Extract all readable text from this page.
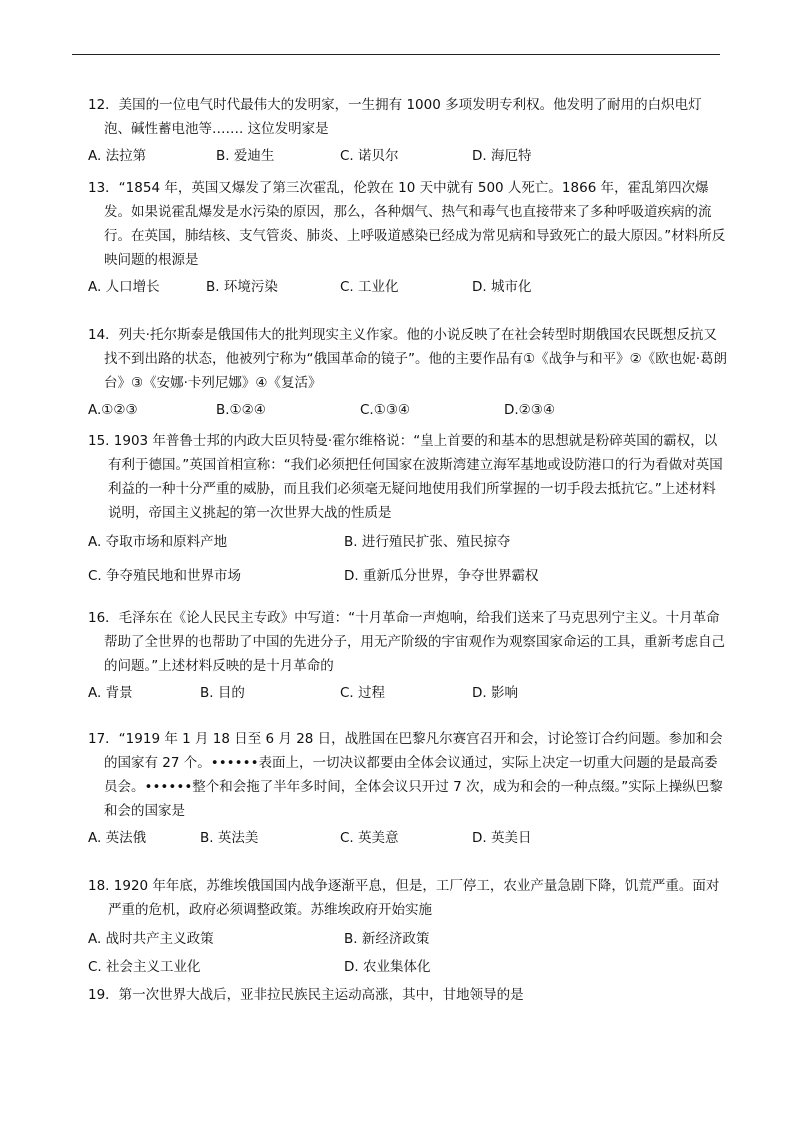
12．美国的一位电气时代最伟大的发明家，一生拥有 1000 多项发明专利权。他发明了耐用的白炽电灯泡、碱性蓄电池等……. 这位发明家是
A. 法拉第	B. 爱迪生	C. 诺贝尔	D. 海厄特
13．“1854 年，英国又爆发了第三次霍乱，伦敦在 10 天中就有 500 人死亡。1866 年，霍乱第四次爆发。如果说霍乱爆发是水污染的原因，那么，各种烟气、热气和毒气也直接带来了多种呼吸道疾病的流行。在英国，肺结核、支气管炎、肺炎、上呼吸道感染已经成为常见病和导致死亡的最大原因。”材料所反映问题的根源是
A. 人口增长	B. 环境污染	C. 工业化	D. 城市化
14．列夫·托尔斯泰是俄国伟大的批判现实主义作家。他的小说反映了在社会转型时期俄国农民既想反抗又找不到出路的状态，他被列宁称为“俄国革命的镜子”。他的主要作品有①《战争与和平》②《欧也妮·葛朗台》③《安娜·卡列尼娜》④《复活》
A.①②③	B.①②④	C.①③④	D.②③④
15. 1903 年普鲁士邦的内政大臣贝特曼·霍尔维格说：“皇上首要的和基本的思想就是粉碎英国的霸权，以有利于德国。”英国首相宣称：“我们必须把任何国家在波斯湾建立海军基地或设防港口的行为看做对英国利益的一种十分严重的威胁，而且我们必须毫无疑问地使用我们所掌握的一切手段去抵抗它。”上述材料说明，帝国主义挑起的第一次世界大战的性质是
A. 夺取市场和原料产地	B. 进行殖民扩张、殖民掠夺
C. 争夺殖民地和世界市场	D. 重新瓜分世界，争夺世界霸权
16．毛泽东在《论人民民主专政》中写道：“十月革命一声炮响，给我们送来了马克思列宁主义。十月革命帮助了全世界的也帮助了中国的先进分子，用无产阶级的宇宙观作为观察国家命运的工具，重新考虑自己的问题。”上述材料反映的是十月革命的
A. 背景	B. 目的	C. 过程	D. 影响
17．“1919 年 1 月 18 日至 6 月 28 日，战胜国在巴黎凡尔赛宫召开和会，讨论签订合约问题。参加和会的国家有 27 个。••••••表面上，一切决议都要由全体会议通过，实际上决定一切重大问题的是最高委员会。••••••整个和会拖了半年多时间，全体会议只开过 7 次，成为和会的一种点缀。”实际上操纵巴黎和会的国家是
A. 英法俄	B. 英法美	C. 英美意	D. 英美日
18. 1920 年年底，苏维埃俄国国内战争逐渐平息，但是，工厂停工，农业产量急剧下降，饥荒严重。面对严重的危机，政府必须调整政策。苏维埃政府开始实施
A. 战时共产主义政策	B. 新经济政策
C. 社会主义工业化	D. 农业集体化
19．第一次世界大战后，亚非拉民族民主运动高涨，其中，甘地领导的是
